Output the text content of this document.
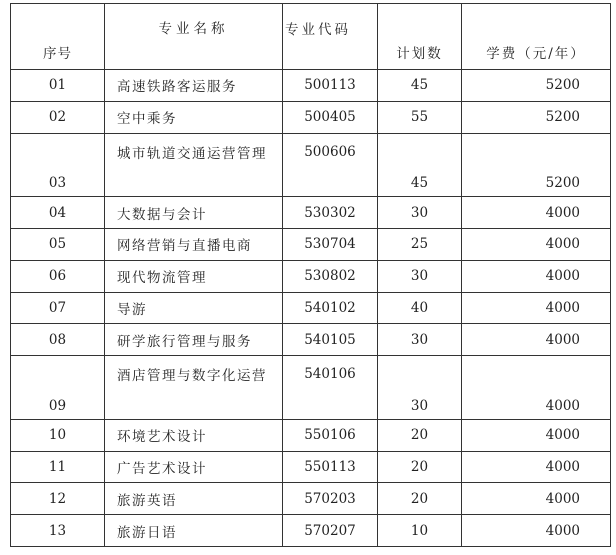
序号	专业名称	专业代码	计划数	学费（元/年）
01	高速铁路客运服务	500113	45	5200
02	空中乘务	500405	55	5200
03	城市轨道交通运营管理	500606	45	5200
04	大数据与会计	530302	30	4000
05	网络营销与直播电商	530704	25	4000
06	现代物流管理	530802	30	4000
07	导游	540102	40	4000
08	研学旅行管理与服务	540105	30	4000
09	酒店管理与数字化运营	540106	30	4000
10	环境艺术设计	550106	20	4000
11	广告艺术设计	550113	20	4000
12	旅游英语	570203	20	4000
13	旅游日语	570207	10	4000
